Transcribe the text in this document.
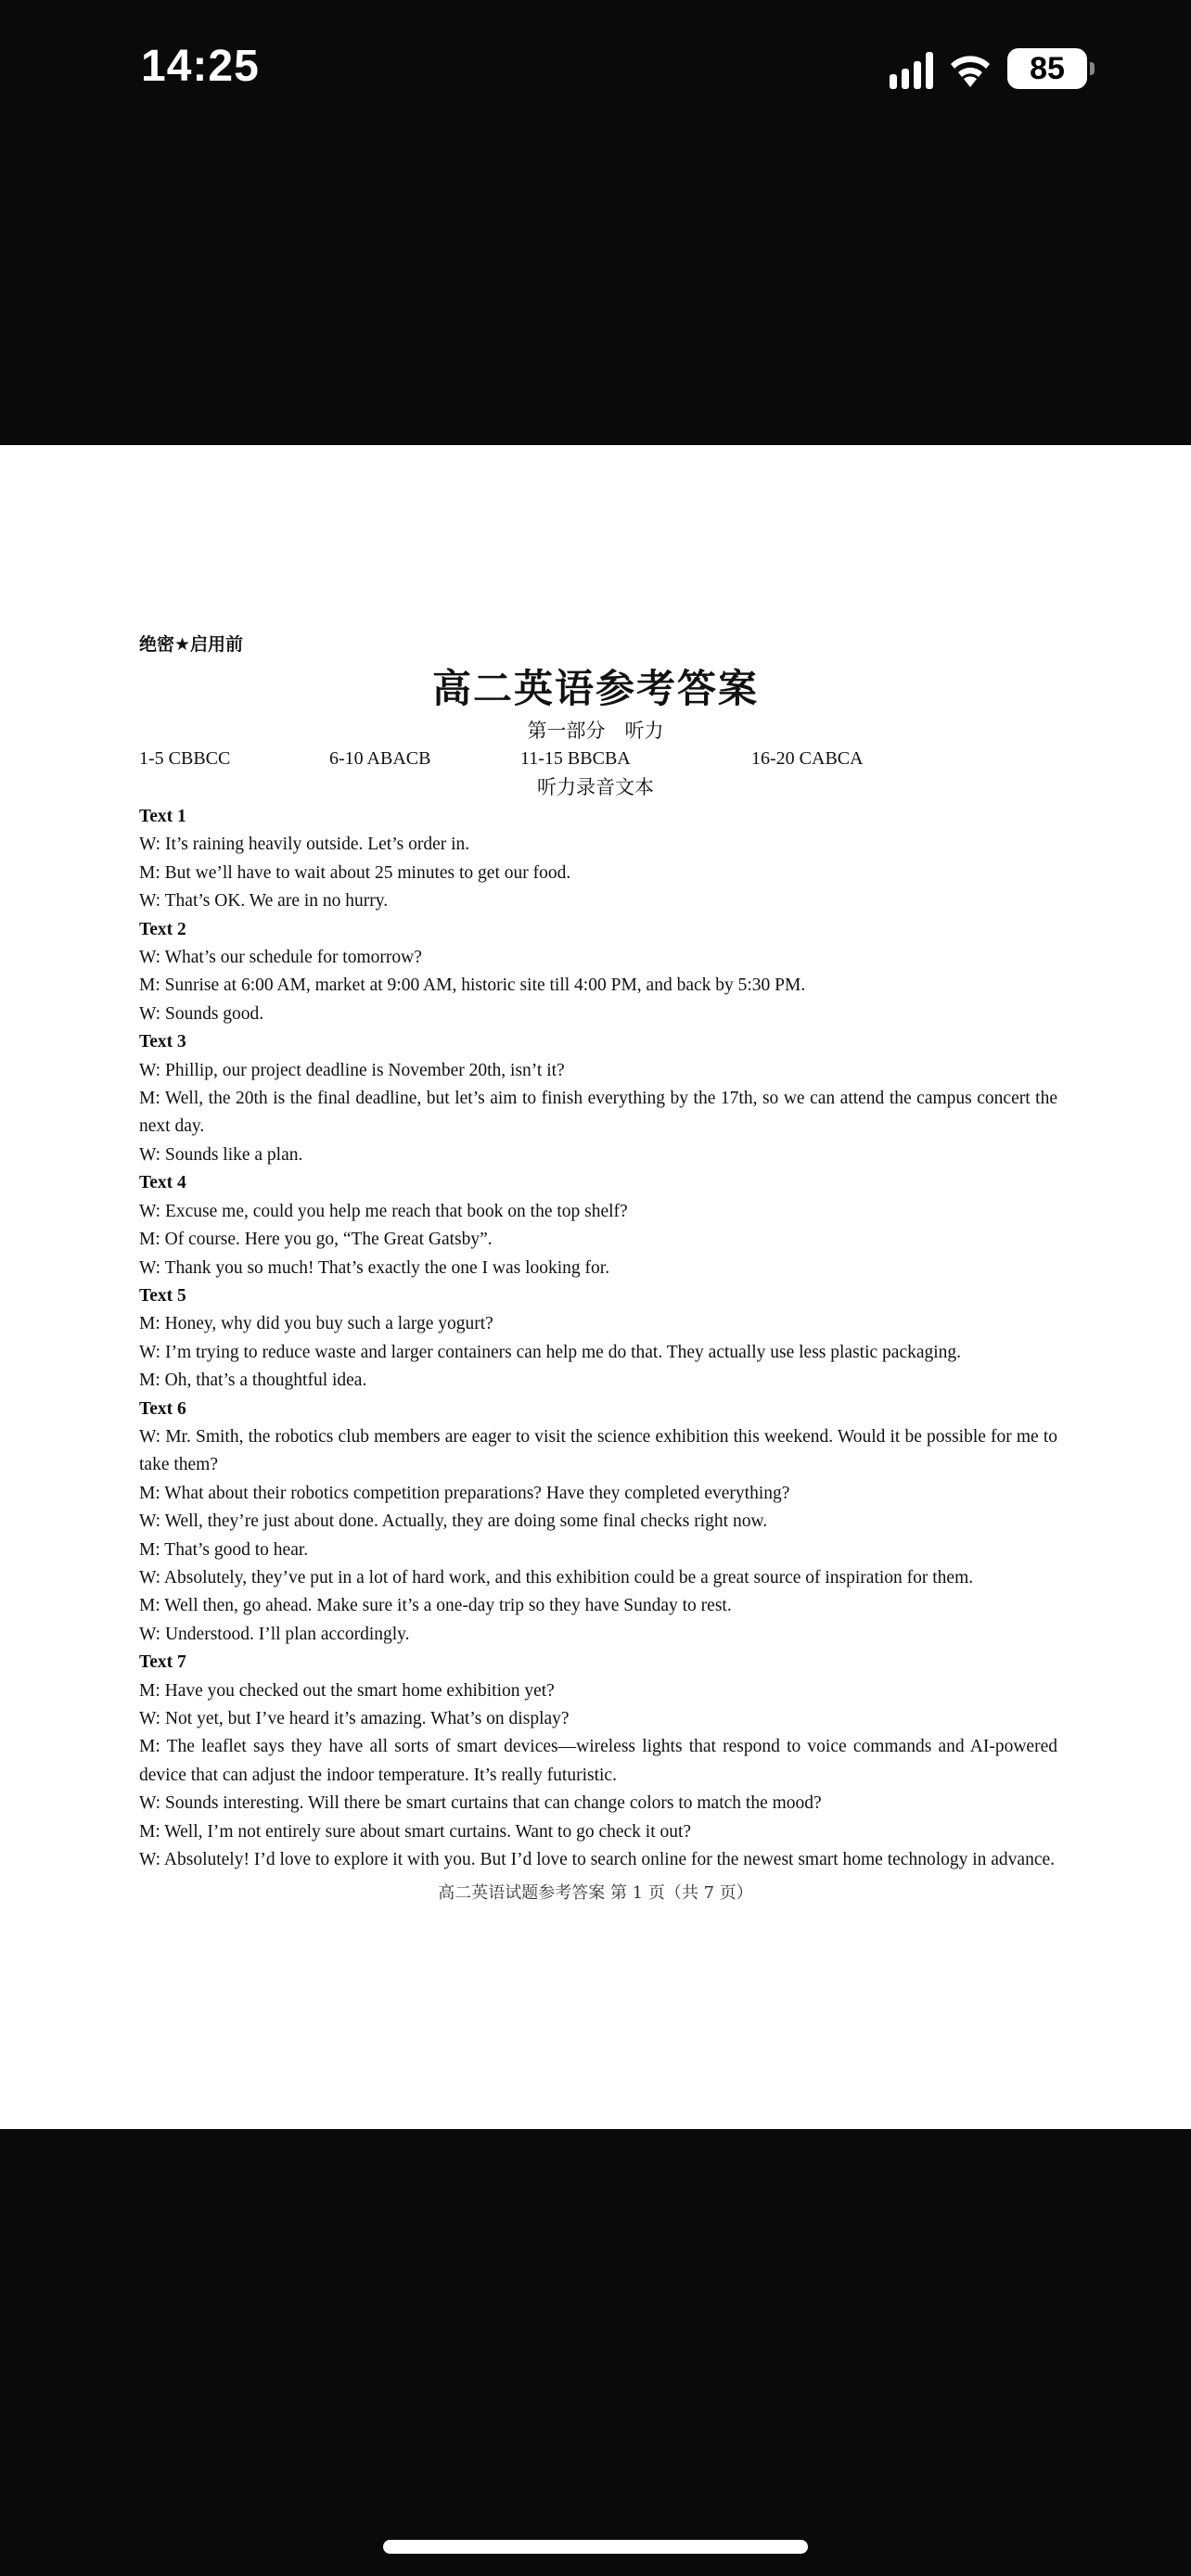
14:25	85
绝密★启用前
高二英语参考答案
第一部分　听力
1-5 CBBCC	6-10 ABACB	11-15 BBCBA	16-20 CABCA
听力录音文本
Text 1
W: It’s raining heavily outside. Let’s order in.
M: But we’ll have to wait about 25 minutes to get our food.
W: That’s OK. We are in no hurry.
Text 2
W: What’s our schedule for tomorrow?
M: Sunrise at 6:00 AM, market at 9:00 AM, historic site till 4:00 PM, and back by 5:30 PM.
W: Sounds good.
Text 3
W: Phillip, our project deadline is November 20th, isn’t it?
M: Well, the 20th is the final deadline, but let’s aim to finish everything by the 17th, so we can attend the campus concert the next day.
W: Sounds like a plan.
Text 4
W: Excuse me, could you help me reach that book on the top shelf?
M: Of course. Here you go, “The Great Gatsby”.
W: Thank you so much! That’s exactly the one I was looking for.
Text 5
M: Honey, why did you buy such a large yogurt?
W: I’m trying to reduce waste and larger containers can help me do that. They actually use less plastic packaging.
M: Oh, that’s a thoughtful idea.
Text 6
W: Mr. Smith, the robotics club members are eager to visit the science exhibition this weekend. Would it be possible for me to take them?
M: What about their robotics competition preparations? Have they completed everything?
W: Well, they’re just about done. Actually, they are doing some final checks right now.
M: That’s good to hear.
W: Absolutely, they’ve put in a lot of hard work, and this exhibition could be a great source of inspiration for them.
M: Well then, go ahead. Make sure it’s a one-day trip so they have Sunday to rest.
W: Understood. I’ll plan accordingly.
Text 7
M: Have you checked out the smart home exhibition yet?
W: Not yet, but I’ve heard it’s amazing. What’s on display?
M: The leaflet says they have all sorts of smart devices—wireless lights that respond to voice commands and AI-powered device that can adjust the indoor temperature. It’s really futuristic.
W: Sounds interesting. Will there be smart curtains that can change colors to match the mood?
M: Well, I’m not entirely sure about smart curtains. Want to go check it out?
W: Absolutely! I’d love to explore it with you. But I’d love to search online for the newest smart home technology in advance.
高二英语试题参考答案 第 1 页（共 7 页）
